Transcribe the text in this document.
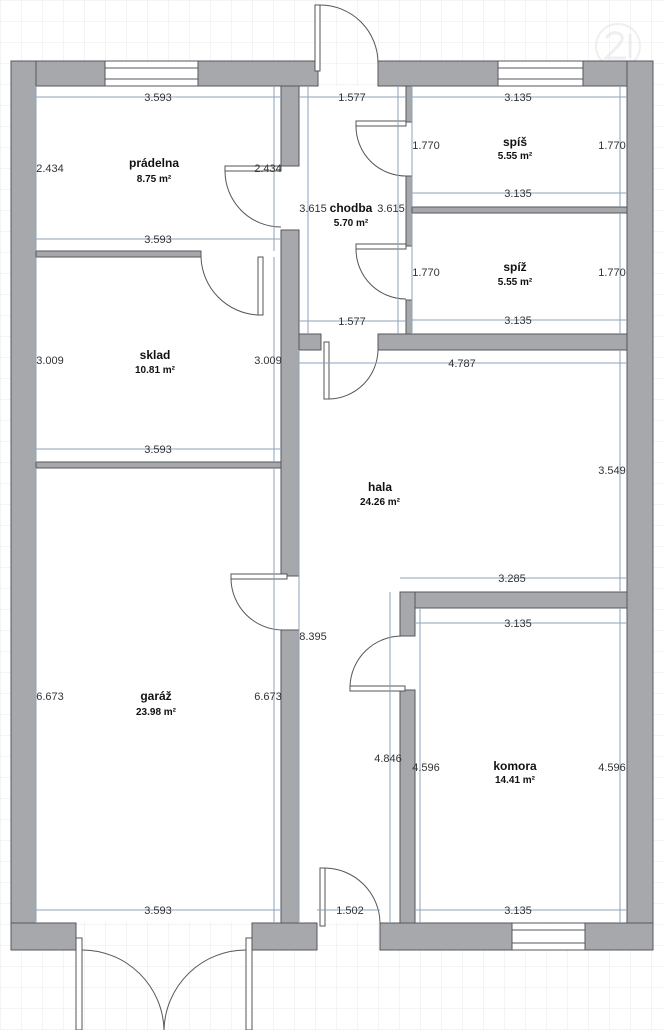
3.593
2.434	2.434
3.593
1.577
3.615	3.615
1.577
3.135
1.770	1.770
3.135
1.770	1.770
3.135
3.009	3.009
3.593
4.787
3.549
3.285
8.395
4.846
6.673	6.673
3.593
3.135
4.596	4.596
3.135
1.502
prádelna
8.75 m²
chodba
5.70 m²
spíš
5.55 m²
spíž
5.55 m²
sklad
10.81 m²
hala
24.26 m²
garáž
23.98 m²
komora
14.41 m²
